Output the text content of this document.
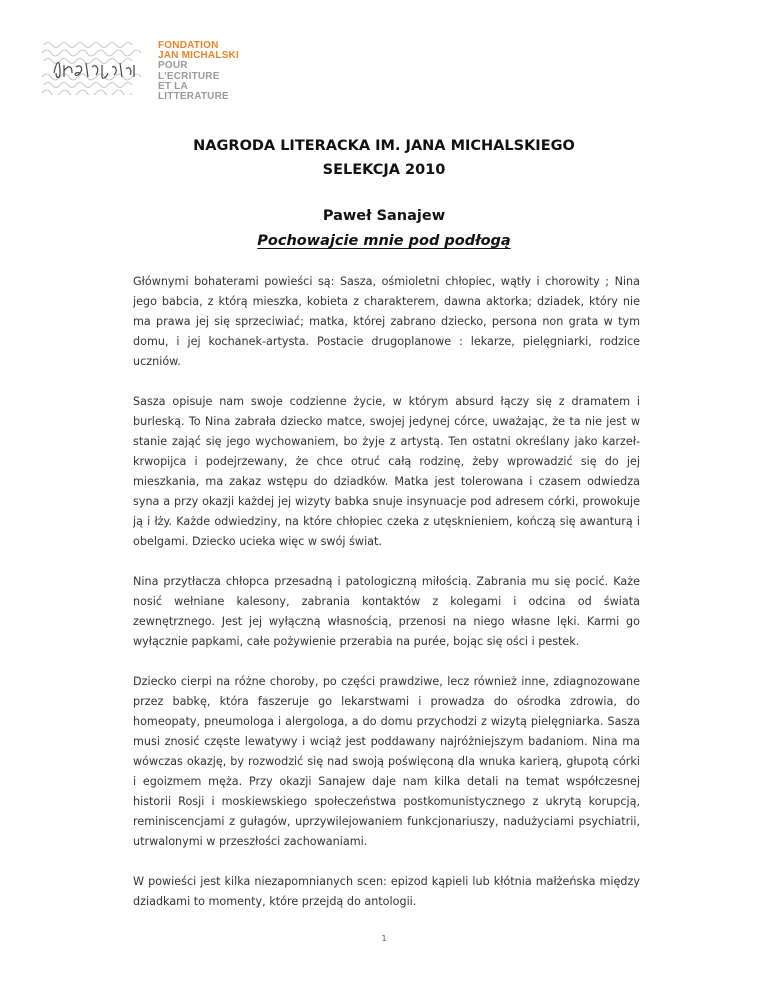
FONDATION
JAN MICHALSKI
POUR
L'ECRITURE
ET LA
LITTERATURE
NAGRODA LITERACKA IM. JANA MICHALSKIEGO
SELEKCJA 2010
Paweł Sanajew
Pochowajcie mnie pod podłogą

Głównymi bohaterami powieści są: Sasza, ośmioletni chłopiec, wątły i chorowity ; Nina jego babcia, z którą mieszka, kobieta z charakterem, dawna aktorka; dziadek, który nie ma prawa jej się sprzeciwiać; matka, której zabrano dziecko, persona non grata w tym domu, i jej kochanek-artysta. Postacie drugoplanowe : lekarze, pielęgniarki, rodzice uczniów.

Sasza opisuje nam swoje codzienne życie, w którym absurd łączy się z dramatem i burleską. To Nina zabrała dziecko matce, swojej jedynej córce, uważając, że ta nie jest w stanie zająć się jego wychowaniem, bo żyje z artystą. Ten ostatni określany jako karzeł-krwopijca i podejrzewany, że chce otruć całą rodzinę, żeby wprowadzić się do jej mieszkania, ma zakaz wstępu do dziadków. Matka jest tolerowana i czasem odwiedza syna a przy okazji każdej jej wizyty babka snuje insynuacje pod adresem córki, prowokuje ją i łży. Każde odwiedziny, na które chłopiec czeka z utęsknieniem, kończą się awanturą i obelgami. Dziecko ucieka więc w swój świat.

Nina przytłacza chłopca przesadną i patologiczną miłością. Zabrania mu się pocić. Każe nosić wełniane kalesony, zabrania kontaktów z kolegami i odcina od świata zewnętrznego. Jest jej wyłączną własnością, przenosi na niego własne lęki. Karmi go wyłącznie papkami, całe pożywienie przerabia na purée, bojąc się ości i pestek.

Dziecko cierpi na różne choroby, po części prawdziwe, lecz również inne, zdiagnozowane przez babkę, która faszeruje go lekarstwami i prowadza do ośrodka zdrowia, do homeopaty, pneumologa i alergologa, a do domu przychodzi z wizytą pielęgniarka. Sasza musi znosić częste lewatywy i wciąż jest poddawany najróżniejszym badaniom. Nina ma wówczas okazję, by rozwodzić się nad swoją poświęconą dla wnuka karierą, głupotą córki i egoizmem męża. Przy okazji Sanajew daje nam kilka detali na temat współczesnej historii Rosji i moskiewskiego społeczeństwa postkomunistycznego z ukrytą korupcją, reminiscencjami z gułagów, uprzywilejowaniem funkcjonariuszy, nadużyciami psychiatrii, utrwalonymi w przeszłości zachowaniami.

W powieści jest kilka niezapomnianych scen: epizod kąpieli lub kłótnia małżeńska między dziadkami to momenty, które przejdą do antologii.

1
